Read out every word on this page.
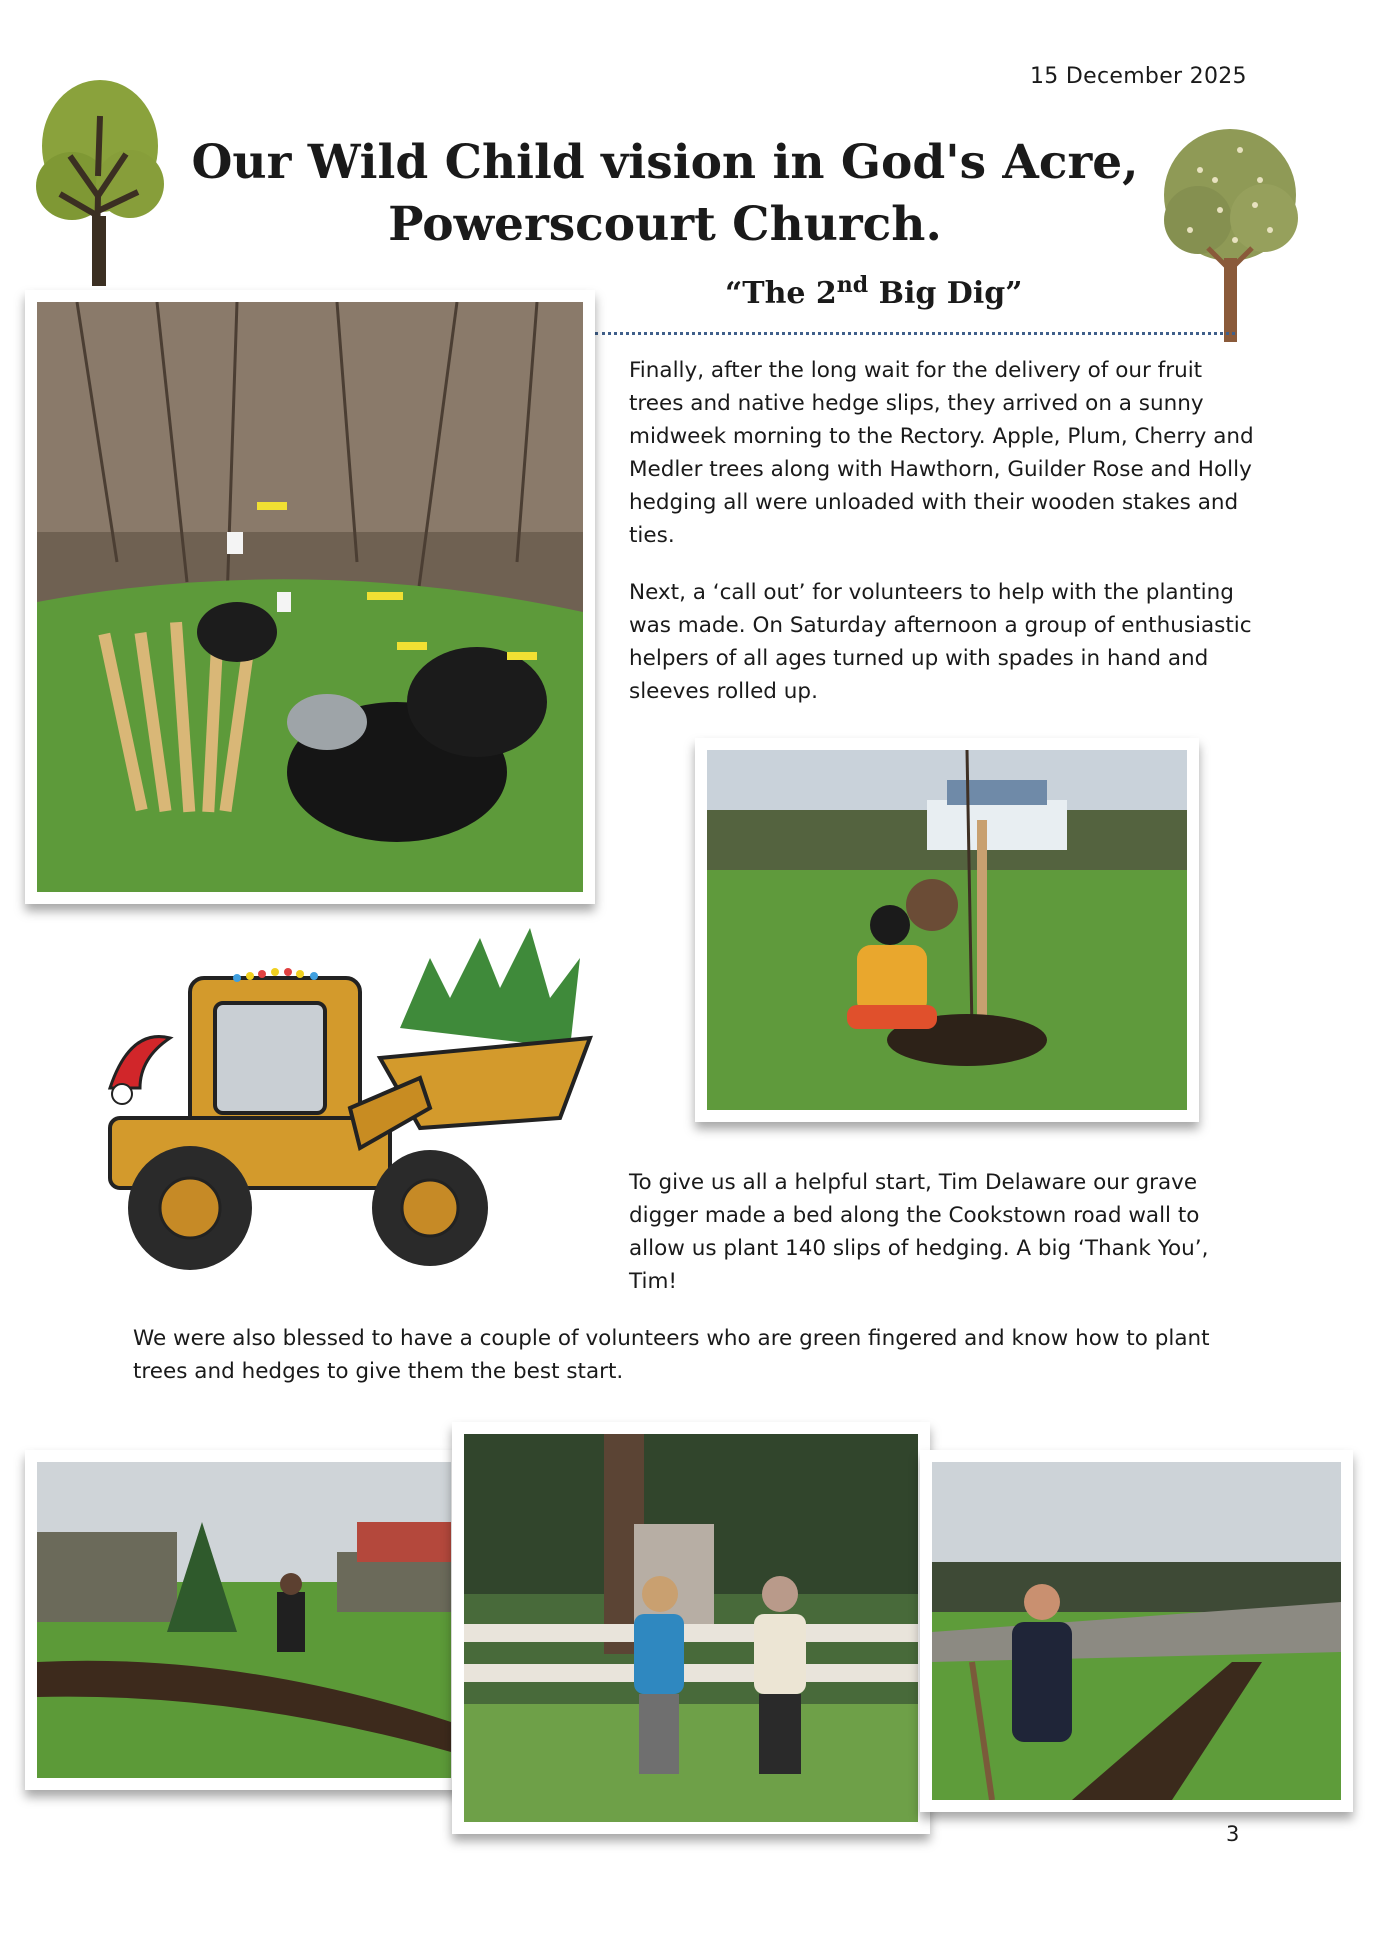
15 December 2025
Our Wild Child vision in God's Acre,
Powerscourt Church.
“The 2nd Big Dig”
Finally, after the long wait for the delivery of our fruit trees and native hedge slips, they arrived on a sunny midweek morning to the Rectory. Apple, Plum, Cherry and Medler trees along with Hawthorn, Guilder Rose and Holly hedging all were unloaded with their wooden stakes and ties.
Next, a ‘call out’ for volunteers to help with the planting was made. On Saturday afternoon a group of enthusiastic helpers of all ages turned up with spades in hand and sleeves rolled up.
To give us all a helpful start, Tim Delaware our grave digger made a bed along the Cookstown road wall to allow us plant 140 slips of hedging. A big ‘Thank You’, Tim!
We were also blessed to have a couple of volunteers who are green fingered and know how to plant trees and hedges to give them the best start.
3
